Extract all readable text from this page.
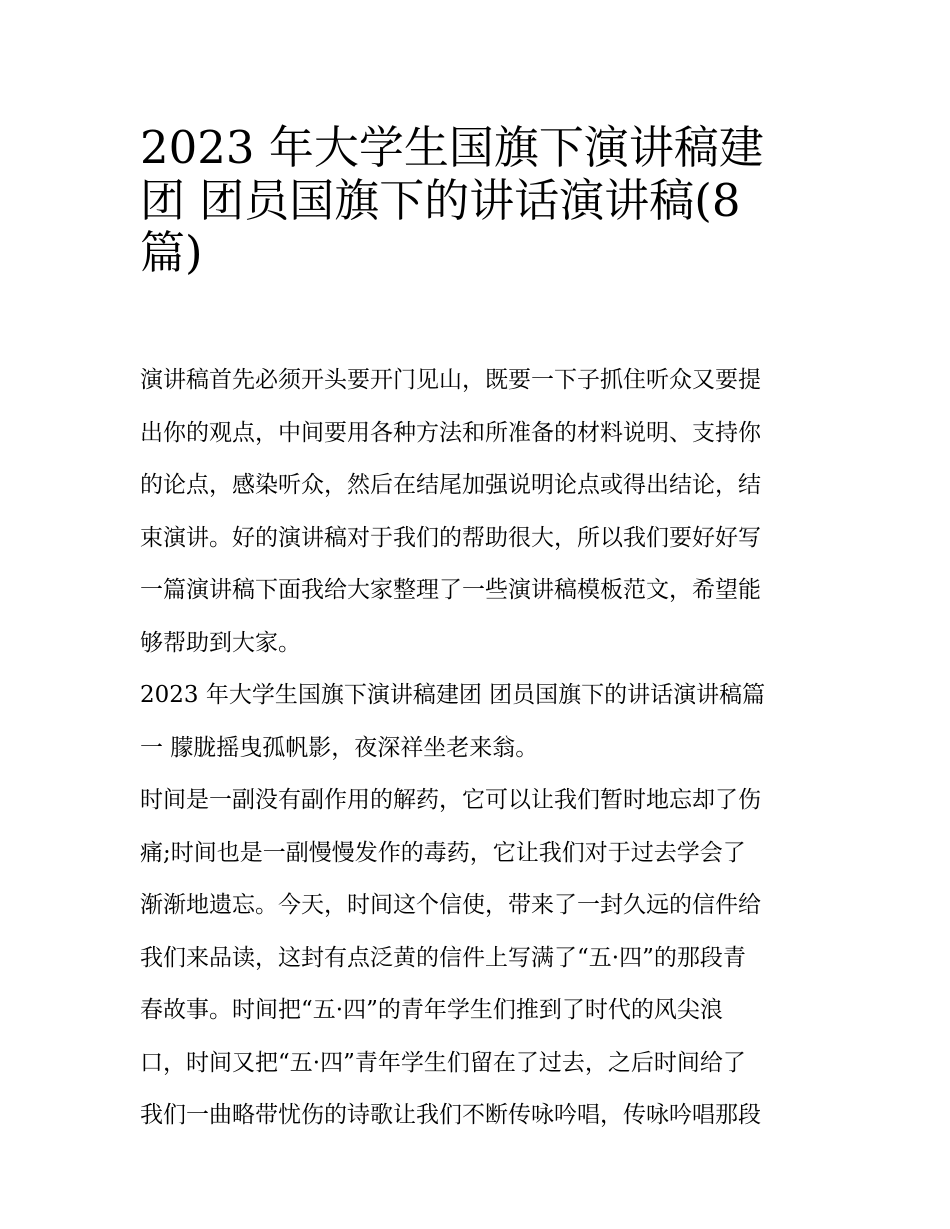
2023 年大学生国旗下演讲稿建
团 团员国旗下的讲话演讲稿(8
篇)

演讲稿首先必须开头要开门见山，既要一下子抓住听众又要提
出你的观点，中间要用各种方法和所准备的材料说明、支持你
的论点，感染听众，然后在结尾加强说明论点或得出结论，结
束演讲。好的演讲稿对于我们的帮助很大，所以我们要好好写
一篇演讲稿下面我给大家整理了一些演讲稿模板范文，希望能
够帮助到大家。

2023 年大学生国旗下演讲稿建团 团员国旗下的讲话演讲稿篇
一 朦胧摇曳孤帆影，夜深祥坐老来翁。

时间是一副没有副作用的解药，它可以让我们暂时地忘却了伤
痛;时间也是一副慢慢发作的毒药，它让我们对于过去学会了
渐渐地遗忘。今天，时间这个信使，带来了一封久远的信件给
我们来品读，这封有点泛黄的信件上写满了“五·四”的那段青
春故事。时间把“五·四”的青年学生们推到了时代的风尖浪
口，时间又把“五·四”青年学生们留在了过去，之后时间给了
我们一曲略带忧伤的诗歌让我们不断传咏吟唱，传咏吟唱那段
